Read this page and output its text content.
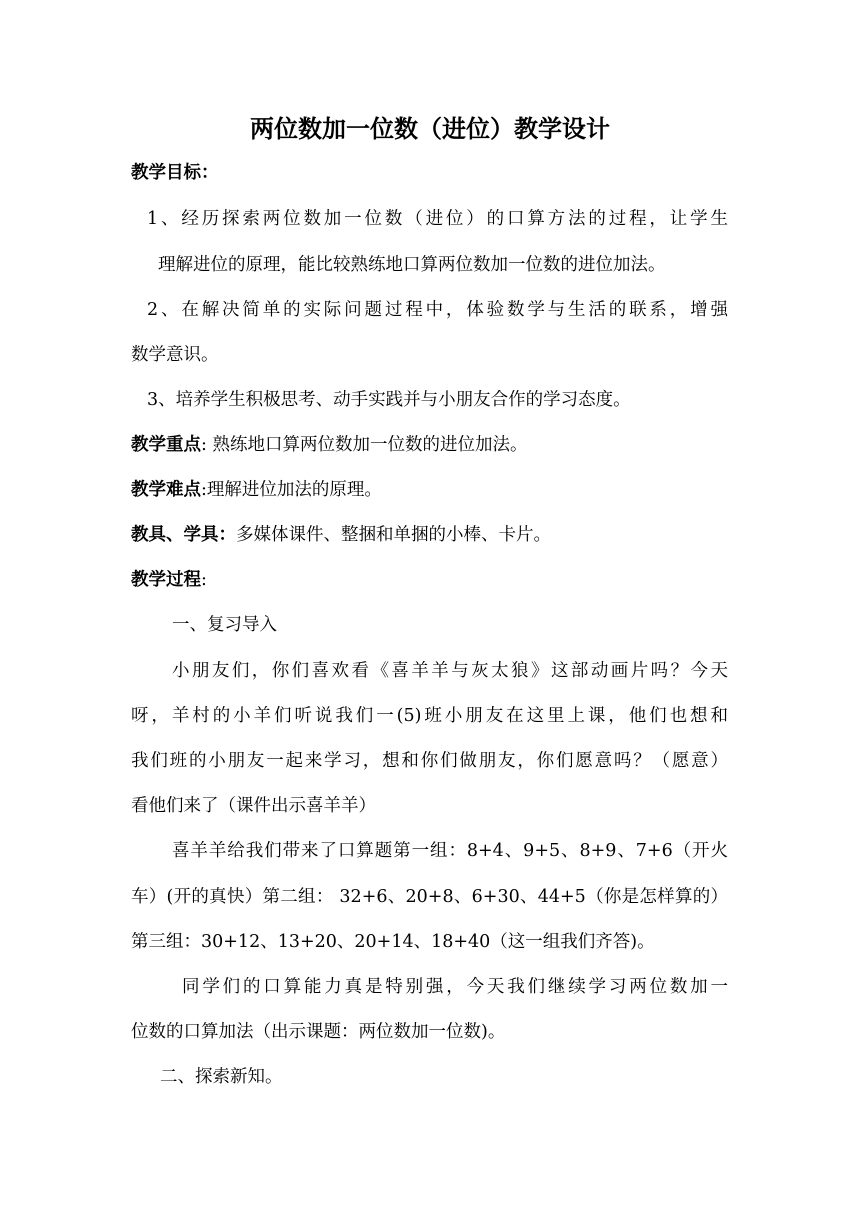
两位数加一位数（进位）教学设计
教学目标：
1、经历探索两位数加一位数（进位）的口算方法的过程，让学生
理解进位的原理，能比较熟练地口算两位数加一位数的进位加法。
2、在解决简单的实际问题过程中，体验数学与生活的联系，增强
数学意识。
3、培养学生积极思考、动手实践并与小朋友合作的学习态度。
教学重点: 熟练地口算两位数加一位数的进位加法。
教学难点:理解进位加法的原理。
教具、学具：多媒体课件、整捆和单捆的小棒、卡片。
教学过程:
一、复习导入
小朋友们，你们喜欢看《喜羊羊与灰太狼》这部动画片吗？今天
呀，羊村的小羊们听说我们一(5)班小朋友在这里上课，他们也想和
我们班的小朋友一起来学习，想和你们做朋友，你们愿意吗？（愿意）
看他们来了（课件出示喜羊羊）
喜羊羊给我们带来了口算题第一组：8+4、9+5、8+9、7+6（开火
车）(开的真快）第二组： 32+6、20+8、6+30、44+5（你是怎样算的）
第三组：30+12、13+20、20+14、18+40（这一组我们齐答)。
同学们的口算能力真是特别强，今天我们继续学习两位数加一
位数的口算加法（出示课题：两位数加一位数)。
二、探索新知。
